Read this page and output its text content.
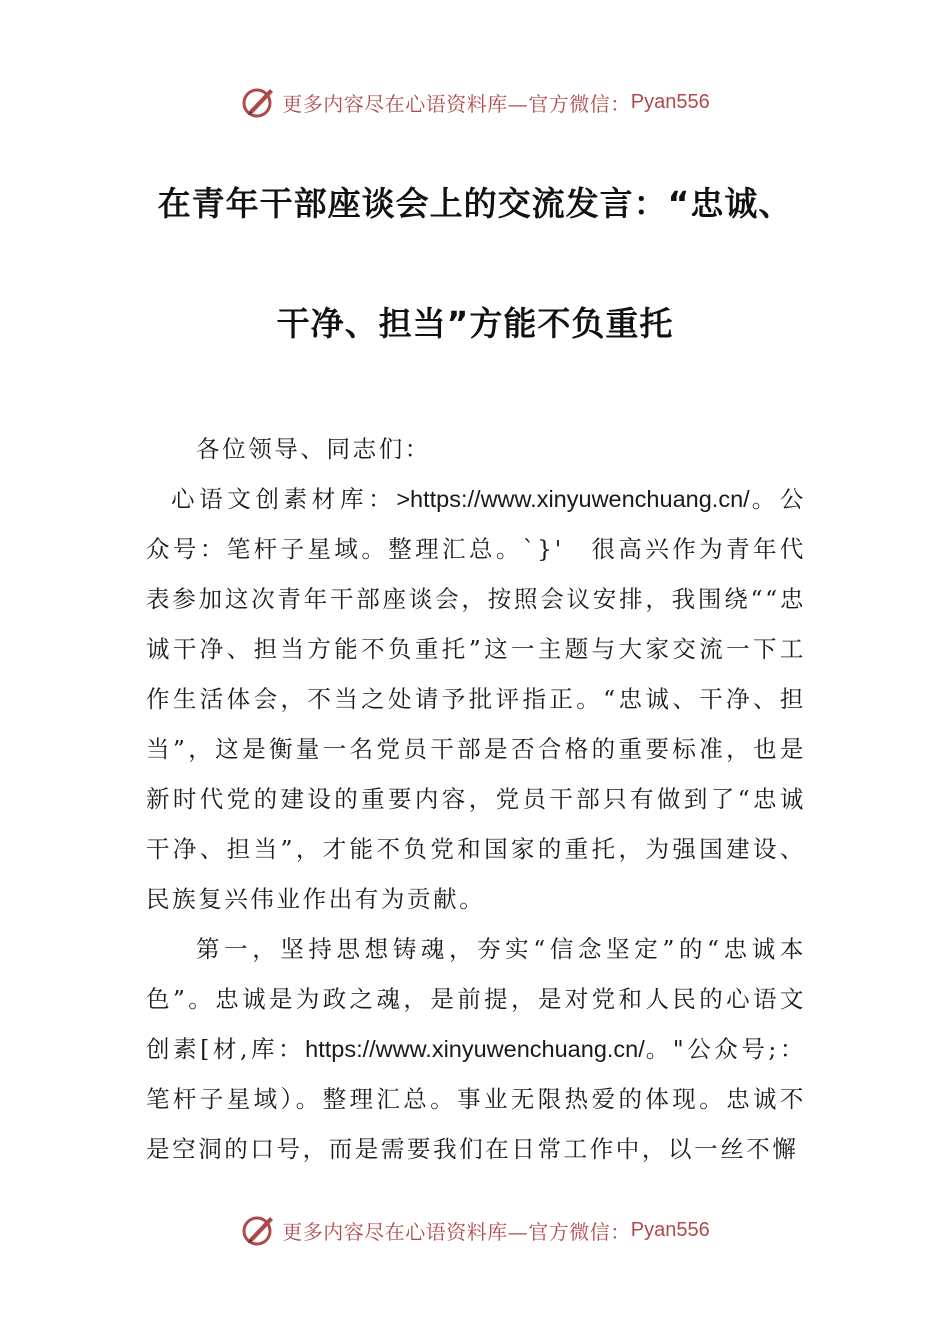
更多内容尽在心语资料库—官方微信： Pyan556
在青年干部座谈会上的交流发言：“忠诚、
干净、担当”方能不负重托

各位领导、同志们：

心语文创素材库：>https://www.xinyuwenchuang.cn/。公众号：笔杆子星域。整理汇总。`}'　很高兴作为青年代表参加这次青年干部座谈会，按照会议安排，我围绕““忠诚干净、担当方能不负重托”这一主题与大家交流一下工作生活体会，不当之处请予批评指正。“忠诚、干净、担当”，这是衡量一名党员干部是否合格的重要标准，也是新时代党的建设的重要内容，党员干部只有做到了“忠诚干净、担当”，才能不负党和国家的重托，为强国建设、民族复兴伟业作出有为贡献。

第一，坚持思想铸魂，夯实“信念坚定”的“忠诚本色”。忠诚是为政之魂，是前提，是对党和人民的心语文创素[材,库：https://www.xinyuwenchuang.cn/。"公众号;：笔杆子星域）。整理汇总。事业无限热爱的体现。忠诚不是空洞的口号，而是需要我们在日常工作中，以一丝不懈

更多内容尽在心语资料库—官方微信： Pyan556
